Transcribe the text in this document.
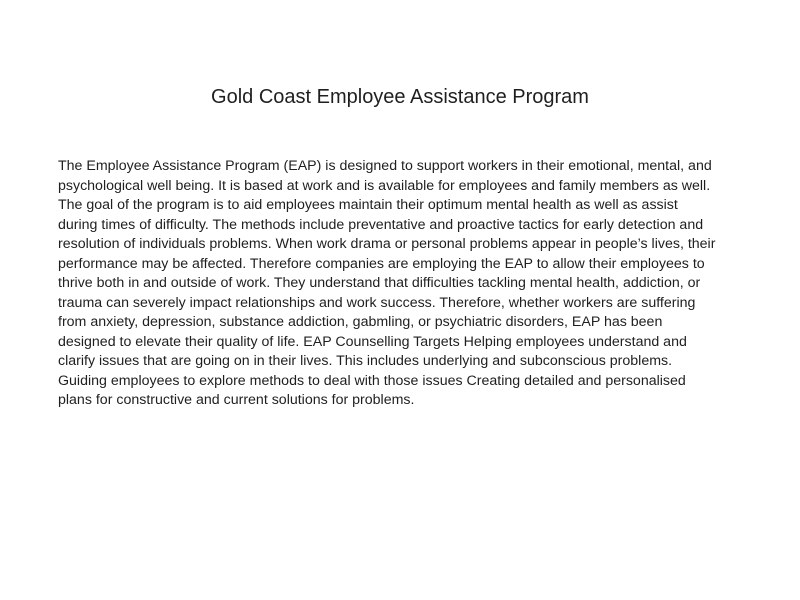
Gold Coast Employee Assistance Program

The Employee Assistance Program (EAP) is designed to support workers in their emotional, mental, and
psychological well being. It is based at work and is available for employees and family members as well.
The goal of the program is to aid employees maintain their optimum mental health as well as assist
during times of difficulty. The methods include preventative and proactive tactics for early detection and
resolution of individuals problems. When work drama or personal problems appear in people’s lives, their
performance may be affected. Therefore companies are employing the EAP to allow their employees to
thrive both in and outside of work. They understand that difficulties tackling mental health, addiction, or
trauma can severely impact relationships and work success. Therefore, whether workers are suffering
from anxiety, depression, substance addiction, gabmling, or psychiatric disorders, EAP has been
designed to elevate their quality of life. EAP Counselling Targets Helping employees understand and
clarify issues that are going on in their lives. This includes underlying and subconscious problems.
Guiding employees to explore methods to deal with those issues Creating detailed and personalised
plans for constructive and current solutions for problems.
